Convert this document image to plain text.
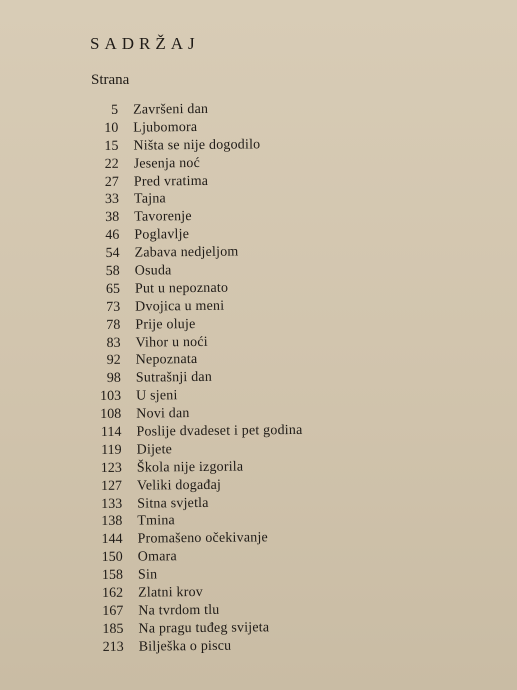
SADRŽAJ
Strana
5 Završeni dan
10 Ljubomora
15 Ništa se nije dogodilo
22 Jesenja noć
27 Pred vratima
33 Tajna
38 Tavorenje
46 Poglavlje
54 Zabava nedjeljom
58 Osuda
65 Put u nepoznato
73 Dvojica u meni
78 Prije oluje
83 Vihor u noći
92 Nepoznata
98 Sutrašnji dan
103 U sjeni
108 Novi dan
114 Poslije dvadeset i pet godina
119 Dijete
123 Škola nije izgorila
127 Veliki događaj
133 Sitna svjetla
138 Tmina
144 Promašeno očekivanje
150 Omara
158 Sin
162 Zlatni krov
167 Na tvrdom tlu
185 Na pragu tuđeg svijeta
213 Bilješka o piscu
